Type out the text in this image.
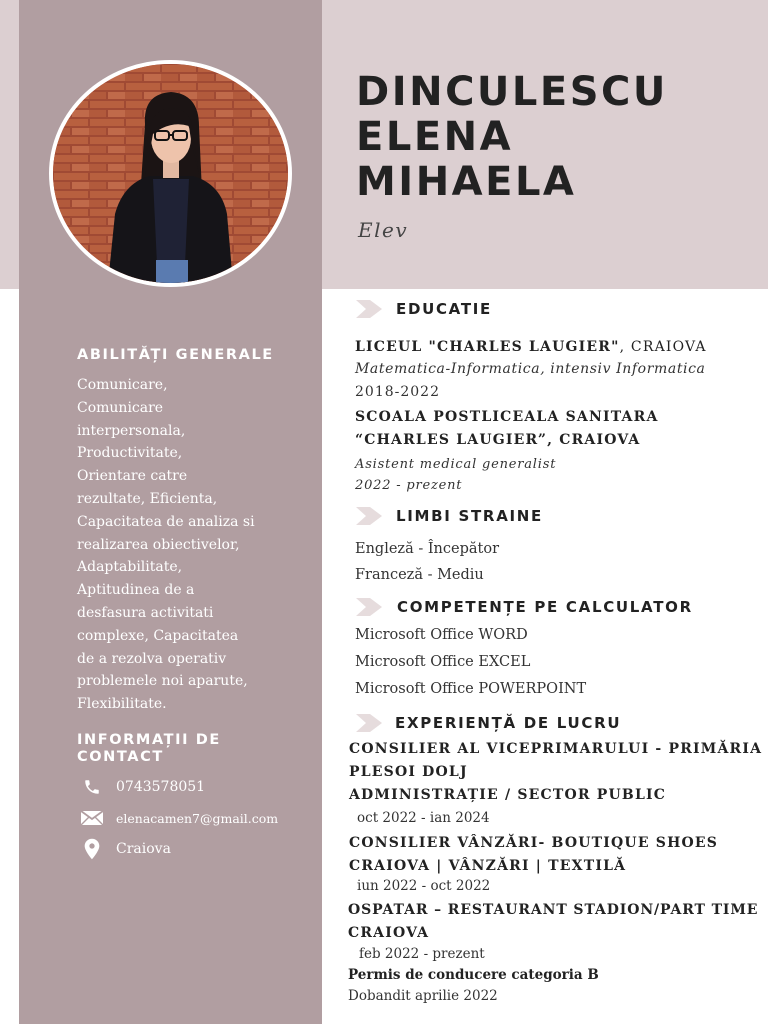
DINCULESCU
ELENA
MIHAELA
Elev
ABILITĂȚI GENERALE
Comunicare,
Comunicare
interpersonala,
Productivitate,
Orientare catre
rezultate, Eficienta,
Capacitatea de analiza si
realizarea obiectivelor,
Adaptabilitate,
Aptitudinea de a
desfasura activitati
complexe, Capacitatea
de a rezolva operativ
problemele noi aparute,
Flexibilitate.
INFORMAȚII DE
CONTACT
0743578051
elenacamen7@gmail.com
Craiova
EDUCATIE
LICEUL "CHARLES LAUGIER", CRAIOVA
Matematica-Informatica, intensiv Informatica
2018-2022
SCOALA POSTLICEALA SANITARA
“CHARLES LAUGIER”, CRAIOVA
Asistent medical generalist
2022 - prezent
LIMBI STRAINE
Engleză - Începător
Franceză - Mediu
COMPETENȚE PE CALCULATOR
Microsoft Office WORD
Microsoft Office EXCEL
Microsoft Office POWERPOINT
EXPERIENȚĂ DE LUCRU
CONSILIER AL VICEPRIMARULUI - PRIMĂRIA
PLESOI DOLJ
ADMINISTRAȚIE / SECTOR PUBLIC
oct 2022 - ian 2024
CONSILIER VÂNZĂRI- BOUTIQUE SHOES
CRAIOVA | VÂNZĂRI | TEXTILĂ
iun 2022 - oct 2022
OSPATAR – RESTAURANT STADION/PART TIME
CRAIOVA
feb 2022 - prezent
Permis de conducere categoria B
Dobandit aprilie 2022
